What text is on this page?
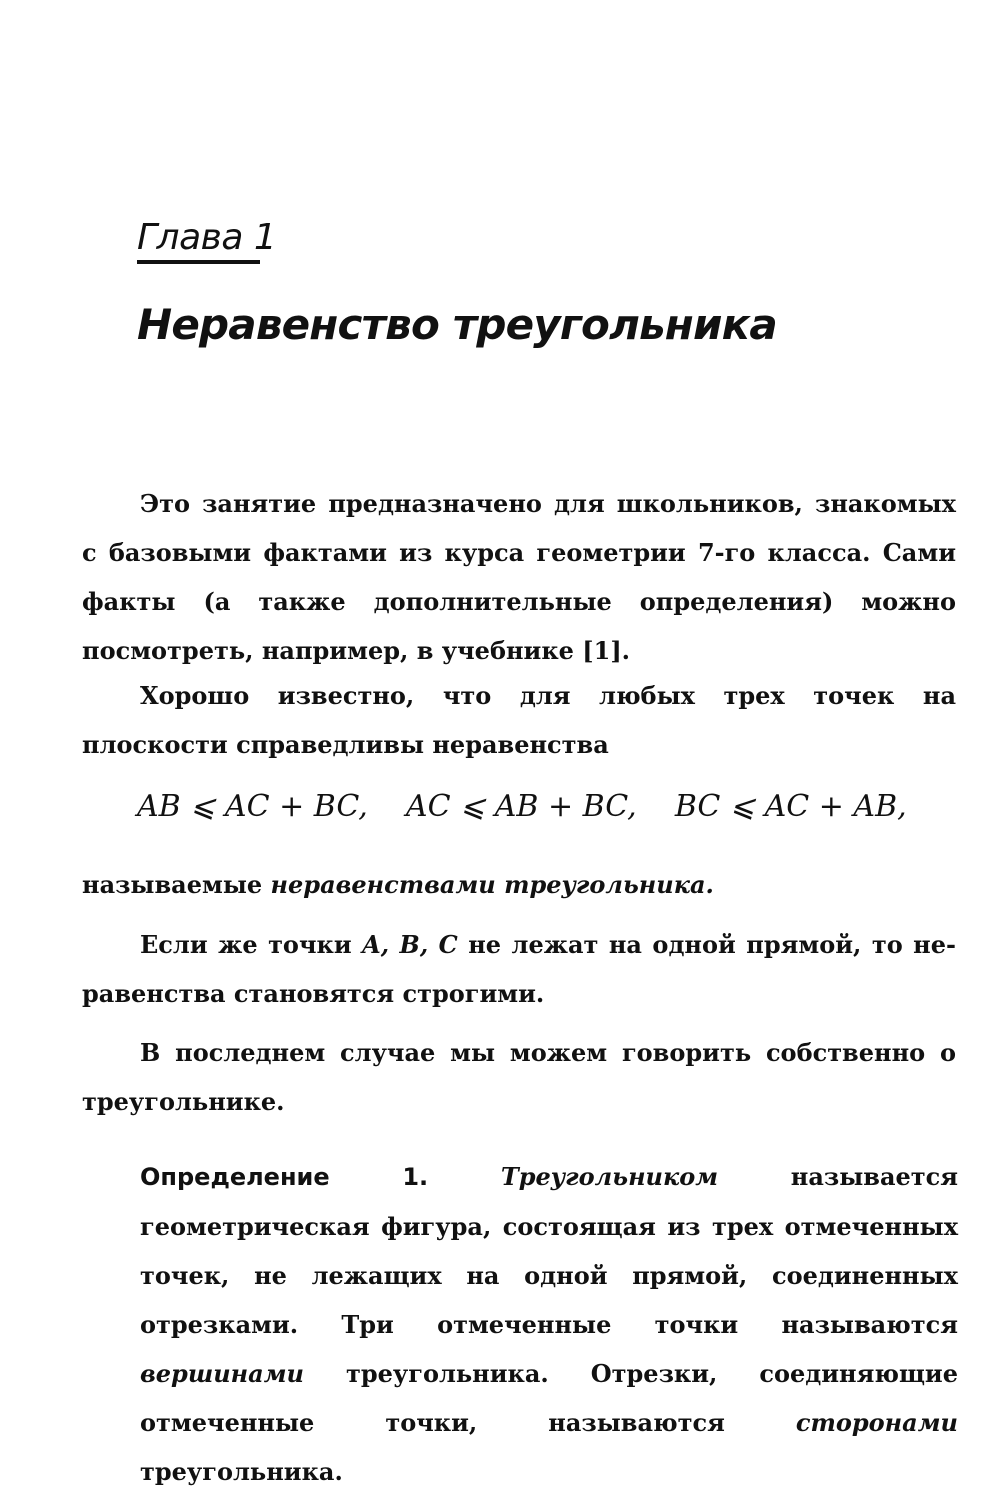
Глава 1
Неравенство треугольника

Это занятие предназначено для школьников, знакомых с базовыми фактами из курса геометрии 7-го класса. Сами факты (а также дополнительные определения) можно посмотреть, например, в учебнике [1].

Хорошо известно, что для любых трех точек на плоскости справедливы неравенства

AB ⩽ AC + BC,    AC ⩽ AB + BC,    BC ⩽ AC + AB,

называемые неравенствами треугольника.

Если же точки A, B, C не лежат на одной прямой, то неравенства становятся строгими.

В последнем случае мы можем говорить собственно о треугольнике.

Определение 1.	Треугольником называется геометрическая фигура, состоящая из трех отмеченных точек, не лежащих на одной прямой, соединенных отрезками. Три отмеченные точки называются вершинами треугольника. Отрезки, соединяющие отмеченные точки, называются сторонами треугольника.
